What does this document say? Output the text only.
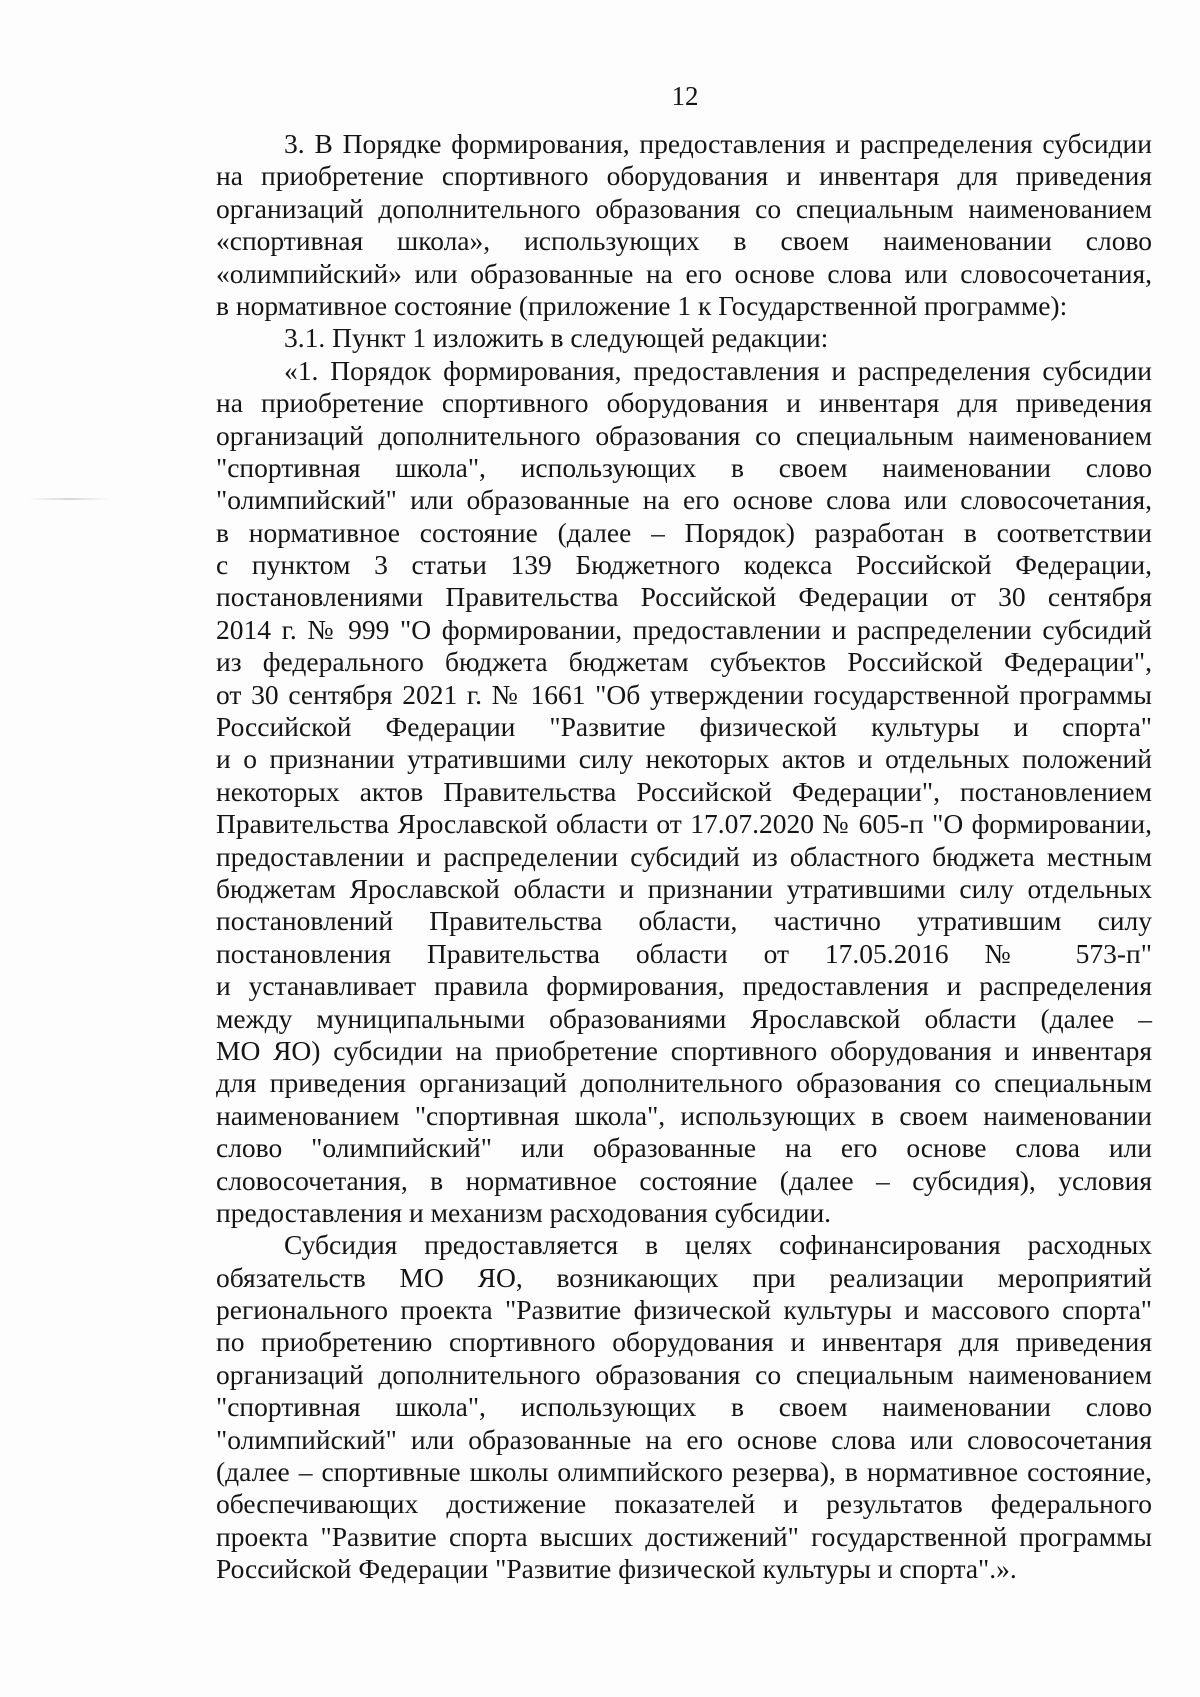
12
3. В Порядке формирования, предоставления и распределения субсидии
на приобретение спортивного оборудования и инвентаря для приведения
организаций дополнительного образования со специальным наименованием
«спортивная школа», использующих в своем наименовании слово
«олимпийский» или образованные на его основе слова или словосочетания,
в нормативное состояние (приложение 1 к Государственной программе):
3.1. Пункт 1 изложить в следующей редакции:
«1. Порядок формирования, предоставления и распределения субсидии
на приобретение спортивного оборудования и инвентаря для приведения
организаций дополнительного образования со специальным наименованием
"спортивная школа", использующих в своем наименовании слово
"олимпийский" или образованные на его основе слова или словосочетания,
в нормативное состояние (далее – Порядок) разработан в соответствии
с пунктом 3 статьи 139 Бюджетного кодекса Российской Федерации,
постановлениями Правительства Российской Федерации от 30 сентября
2014 г. № 999 "О формировании, предоставлении и распределении субсидий
из федерального бюджета бюджетам субъектов Российской Федерации",
от 30 сентября 2021 г. № 1661 "Об утверждении государственной программы
Российской Федерации "Развитие физической культуры и спорта"
и о признании утратившими силу некоторых актов и отдельных положений
некоторых актов Правительства Российской Федерации", постановлением
Правительства Ярославской области от 17.07.2020 № 605-п "О формировании,
предоставлении и распределении субсидий из областного бюджета местным
бюджетам Ярославской области и признании утратившими силу отдельных
постановлений Правительства области, частично утратившим силу
постановления Правительства области от 17.05.2016 № 573-п"
и устанавливает правила формирования, предоставления и распределения
между муниципальными образованиями Ярославской области (далее –
МО ЯО) субсидии на приобретение спортивного оборудования и инвентаря
для приведения организаций дополнительного образования со специальным
наименованием "спортивная школа", использующих в своем наименовании
слово "олимпийский" или образованные на его основе слова или
словосочетания, в нормативное состояние (далее – субсидия), условия
предоставления и механизм расходования субсидии.
Субсидия предоставляется в целях софинансирования расходных
обязательств МО ЯО, возникающих при реализации мероприятий
регионального проекта "Развитие физической культуры и массового спорта"
по приобретению спортивного оборудования и инвентаря для приведения
организаций дополнительного образования со специальным наименованием
"спортивная школа", использующих в своем наименовании слово
"олимпийский" или образованные на его основе слова или словосочетания
(далее – спортивные школы олимпийского резерва), в нормативное состояние,
обеспечивающих достижение показателей и результатов федерального
проекта "Развитие спорта высших достижений" государственной программы
Российской Федерации "Развитие физической культуры и спорта".».
